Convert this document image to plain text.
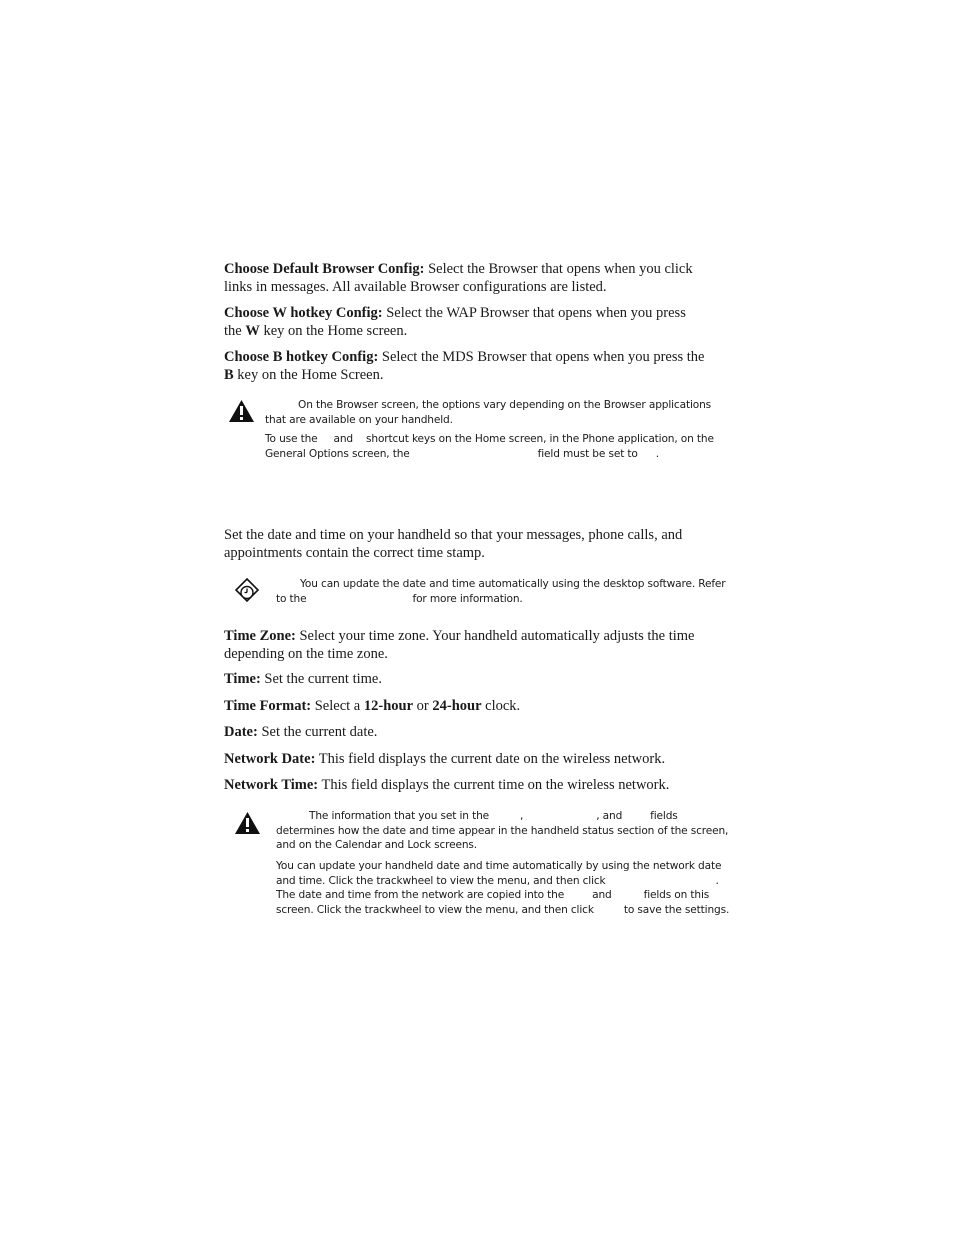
Choose Default Browser Config: Select the Browser that opens when you click
links in messages. All available Browser configurations are listed.

Choose W hotkey Config: Select the WAP Browser that opens when you press
the W key on the Home screen.

Choose B hotkey Config: Select the MDS Browser that opens when you press the
B key on the Home Screen.

On the Browser screen, the options vary depending on the Browser applications
that are available on your handheld.

To use the and shortcut keys on the Home screen, in the Phone application, on the
General Options screen, the	field must be set to .

Set the date and time on your handheld so that your messages, phone calls, and
appointments contain the correct time stamp.

You can update the date and time automatically using the desktop software. Refer
to the	for more information.

Time Zone: Select your time zone. Your handheld automatically adjusts the time
depending on the time zone.

Time: Set the current time.

Time Format: Select a 12-hour or 24-hour clock.

Date: Set the current date.

Network Date: This field displays the current date on the wireless network.

Network Time: This field displays the current time on the wireless network.

The information that you set in the	,	, and	fields
determines how the date and time appear in the handheld status section of the screen,
and on the Calendar and Lock screens.

You can update your handheld date and time automatically by using the network date
and time. Click the trackwheel to view the menu, and then click	.
The date and time from the network are copied into the	and	fields on this
screen. Click the trackwheel to view the menu, and then click	to save the settings.
